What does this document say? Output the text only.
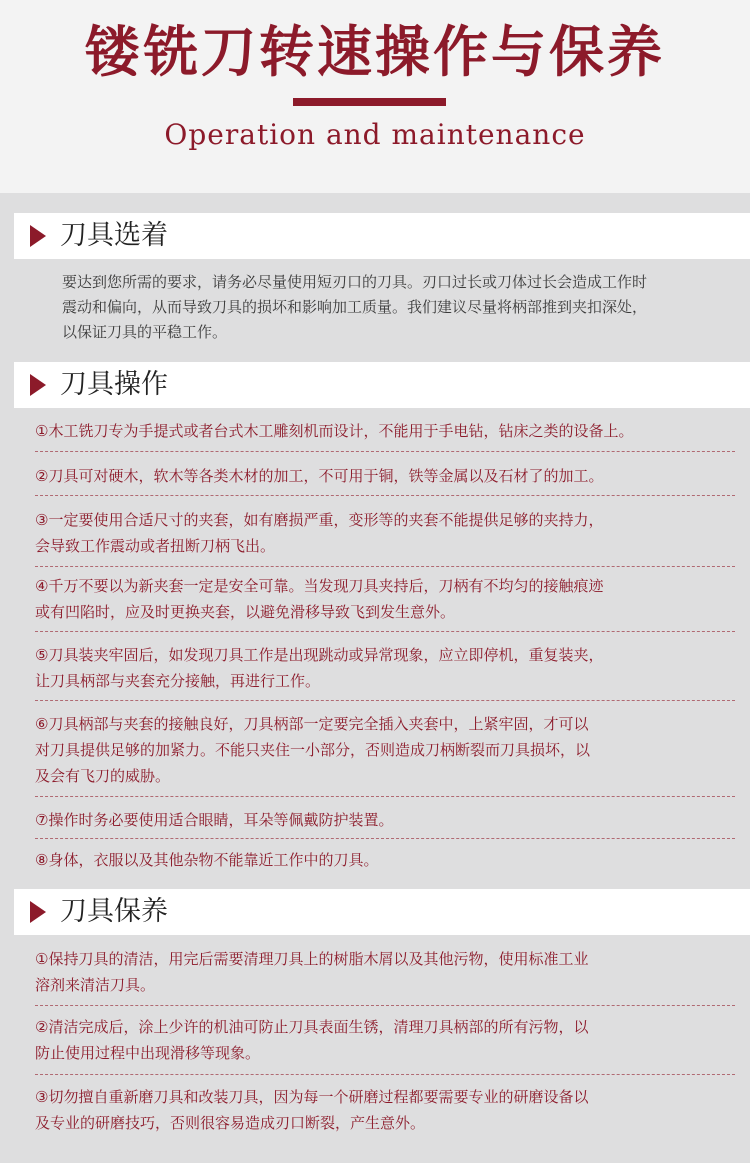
镂铣刀转速操作与保养
Operation and maintenance
刀具选着
要达到您所需的要求，请务必尽量使用短刃口的刀具。刃口过长或刀体过长会造成工作时
震动和偏向，从而导致刀具的损坏和影响加工质量。我们建议尽量将柄部推到夹扣深处，
以保证刀具的平稳工作。
刀具操作
①木工铣刀专为手提式或者台式木工雕刻机而设计，不能用于手电钻，钻床之类的设备上。
②刀具可对硬木，软木等各类木材的加工，不可用于铜，铁等金属以及石材了的加工。
③一定要使用合适尺寸的夹套，如有磨损严重，变形等的夹套不能提供足够的夹持力，
会导致工作震动或者扭断刀柄飞出。
④千万不要以为新夹套一定是安全可靠。当发现刀具夹持后，刀柄有不均匀的接触痕迹
或有凹陷时，应及时更换夹套，以避免滑移导致飞到发生意外。
⑤刀具装夹牢固后，如发现刀具工作是出现跳动或异常现象，应立即停机，重复装夹，
让刀具柄部与夹套充分接触，再进行工作。
⑥刀具柄部与夹套的接触良好，刀具柄部一定要完全插入夹套中，上紧牢固，才可以
对刀具提供足够的加紧力。不能只夹住一小部分，否则造成刀柄断裂而刀具损坏，以
及会有飞刀的威胁。
⑦操作时务必要使用适合眼睛，耳朵等佩戴防护装置。
⑧身体，衣服以及其他杂物不能靠近工作中的刀具。
刀具保养
①保持刀具的清洁，用完后需要清理刀具上的树脂木屑以及其他污物，使用标准工业
溶剂来清洁刀具。
②清洁完成后，涂上少许的机油可防止刀具表面生锈，清理刀具柄部的所有污物，以
防止使用过程中出现滑移等现象。
③切勿擅自重新磨刀具和改装刀具，因为每一个研磨过程都要需要专业的研磨设备以
及专业的研磨技巧，否则很容易造成刃口断裂，产生意外。
